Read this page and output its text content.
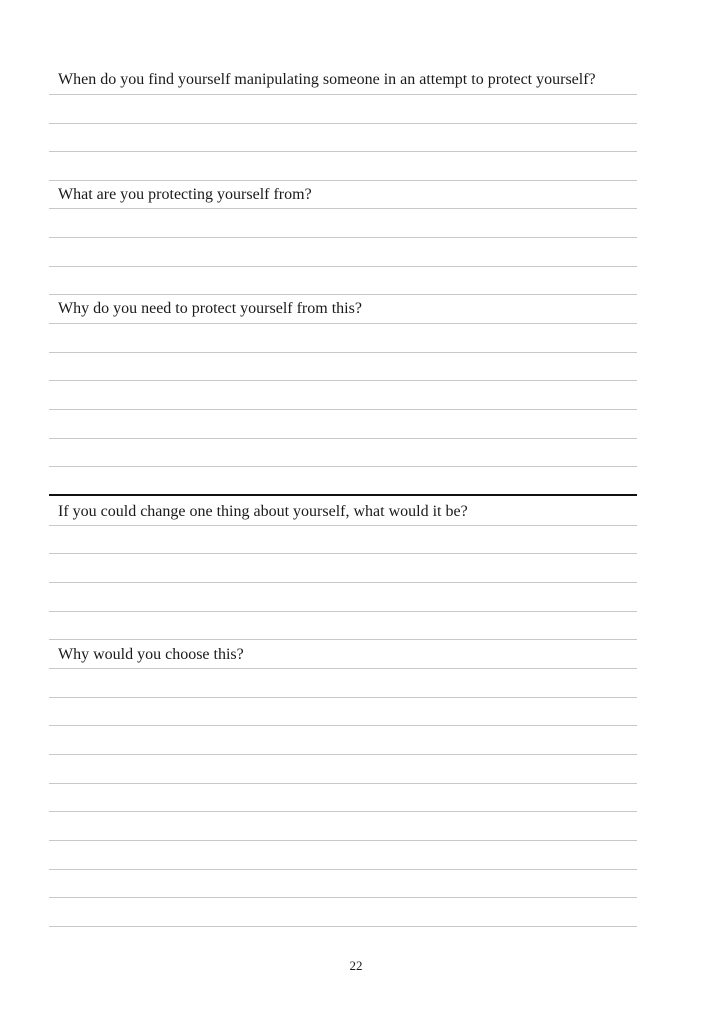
When do you find yourself manipulating someone in an attempt to protect yourself?
What are you protecting yourself from?
Why do you need to protect yourself from this?
If you could change one thing about yourself, what would it be?
Why would you choose this?
22
